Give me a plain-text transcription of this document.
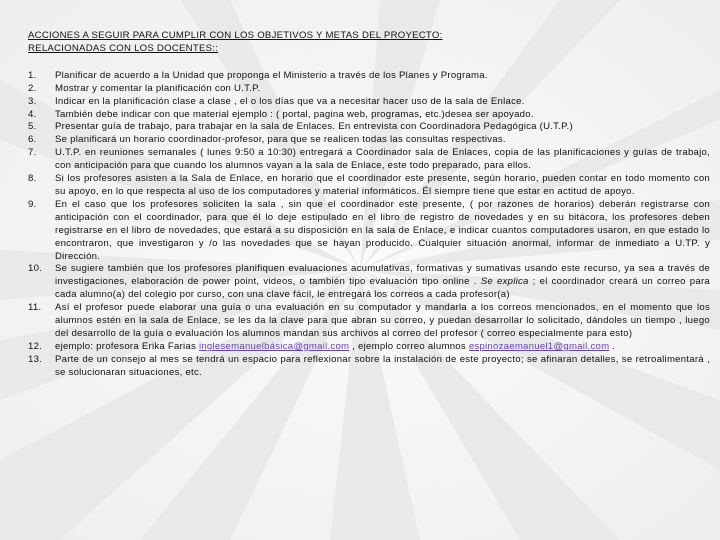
ACCIONES A SEGUIR PARA CUMPLIR CON LOS OBJETIVOS Y METAS DEL PROYECTO:
RELACIONADAS CON LOS DOCENTES::
1.	Planificar de acuerdo a la Unidad que proponga el Ministerio a través de los Planes y Programa.
2.	Mostrar y comentar la planificación con U.T.P.
3.	Indicar en la planificación clase a clase , el o los días que va a necesitar hacer uso de la sala de Enlace.
4.	También debe indicar con que material ejemplo : ( portal, pagina web, programas, etc.)desea ser apoyado.
5.	Presentar guía de trabajo, para trabajar en la sala de Enlaces. En entrevista con Coordinadora Pedagógica (U.T.P.)
6.	Se planificará un horario coordinador-profesor, para que se realicen todas las consultas respectivas.
7.	U.T.P. en reuniones semanales ( lunes 9:50 a 10:30) entregará a Coordinador sala de Enlaces, copia de las planificaciones y guías de trabajo, con anticipación para que cuando los alumnos vayan a la sala de Enlace, este todo preparado, para ellos.
8.	Si los profesores asisten a la Sala de Enlace, en horario que el coordinador este presente, según horario, pueden contar en todo momento con su apoyo, en lo que respecta al uso de los computadores y material informáticos. Él siempre tiene que estar en actitud de apoyo.
9.	En el caso que los profesores soliciten la sala , sin que el coordinador este presente, ( por razones de horarios) deberán registrarse con anticipación con el coordinador, para que él lo deje estipulado en el libro de registro de novedades y en su bitácora, los profesores deben registrarse en el libro de novedades, que estará a su disposición en la sala de Enlace, e indicar cuantos computadores usaron, en que estado lo encontraron, que investigaron y /o las novedades que se hayan producido. Cualquier situación anormal, informar de inmediato a U.TP. y Dirección.
10.	Se sugiere también que los profesores planifiquen evaluaciones acumulativas, formativas y sumativas usando este recurso, ya sea a través de investigaciones, elaboración de power point, videos, o también tipo evaluación tipo online . Se explica ; el coordinador creará un correo para cada alumno(a) del colegio por curso, con una clave fácil, le entregará los correos a cada profesor(a)
11.	Así el profesor puede elaborar una guía o una evaluación en su computador y mandarla a los correos mencionados, en el momento que los alumnos estén en la sala de Enlace, se les da la clave para que abran su correo, y puedan desarrollar lo solicitado, dándoles un tiempo , luego del desarrollo de la guía o evaluación los alumnos mandan sus archivos al correo del profesor ( correo especialmente para esto)
12.	ejemplo: profesora Erika Farias inglesemanuelbásica@gmail.com , ejemplo correo alumnos espinozaemanuel1@gmail.com .
13.	Parte de un consejo al mes se tendrá un espacio para reflexionar sobre la instalación de este proyecto; se afinaran detalles, se retroalimentará , se solucionaran situaciones, etc.
